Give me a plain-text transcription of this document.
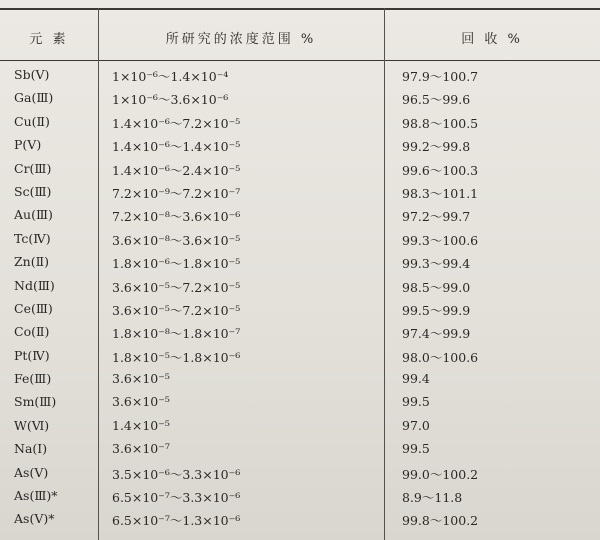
元 素	所研究的浓度范围 %	回 收 %
Sb(Ⅴ)	1×10⁻⁶～1.4×10⁻⁴	97.9～100.7
Ga(Ⅲ)	1×10⁻⁶～3.6×10⁻⁶	96.5～99.6
Cu(Ⅱ)	1.4×10⁻⁶～7.2×10⁻⁵	98.8～100.5
P(Ⅴ)	1.4×10⁻⁶～1.4×10⁻⁵	99.2～99.8
Cr(Ⅲ)	1.4×10⁻⁶～2.4×10⁻⁵	99.6～100.3
Sc(Ⅲ)	7.2×10⁻⁹～7.2×10⁻⁷	98.3～101.1
Au(Ⅲ)	7.2×10⁻⁸～3.6×10⁻⁶	97.2～99.7
Tc(Ⅳ)	3.6×10⁻⁸～3.6×10⁻⁵	99.3～100.6
Zn(Ⅱ)	1.8×10⁻⁶～1.8×10⁻⁵	99.3～99.4
Nd(Ⅲ)	3.6×10⁻⁵～7.2×10⁻⁵	98.5～99.0
Ce(Ⅲ)	3.6×10⁻⁵～7.2×10⁻⁵	99.5～99.9
Co(Ⅱ)	1.8×10⁻⁸～1.8×10⁻⁷	97.4～99.9
Pt(Ⅳ)	1.8×10⁻⁵～1.8×10⁻⁶	98.0～100.6
Fe(Ⅲ)	3.6×10⁻⁵	99.4
Sm(Ⅲ)	3.6×10⁻⁵	99.5
W(Ⅵ)	1.4×10⁻⁵	97.0
Na(Ⅰ)	3.6×10⁻⁷	99.5
As(Ⅴ)	3.5×10⁻⁶～3.3×10⁻⁶	99.0～100.2
As(Ⅲ)*	6.5×10⁻⁷～3.3×10⁻⁶	8.9～11.8
As(Ⅴ)*	6.5×10⁻⁷～1.3×10⁻⁶	99.8～100.2
